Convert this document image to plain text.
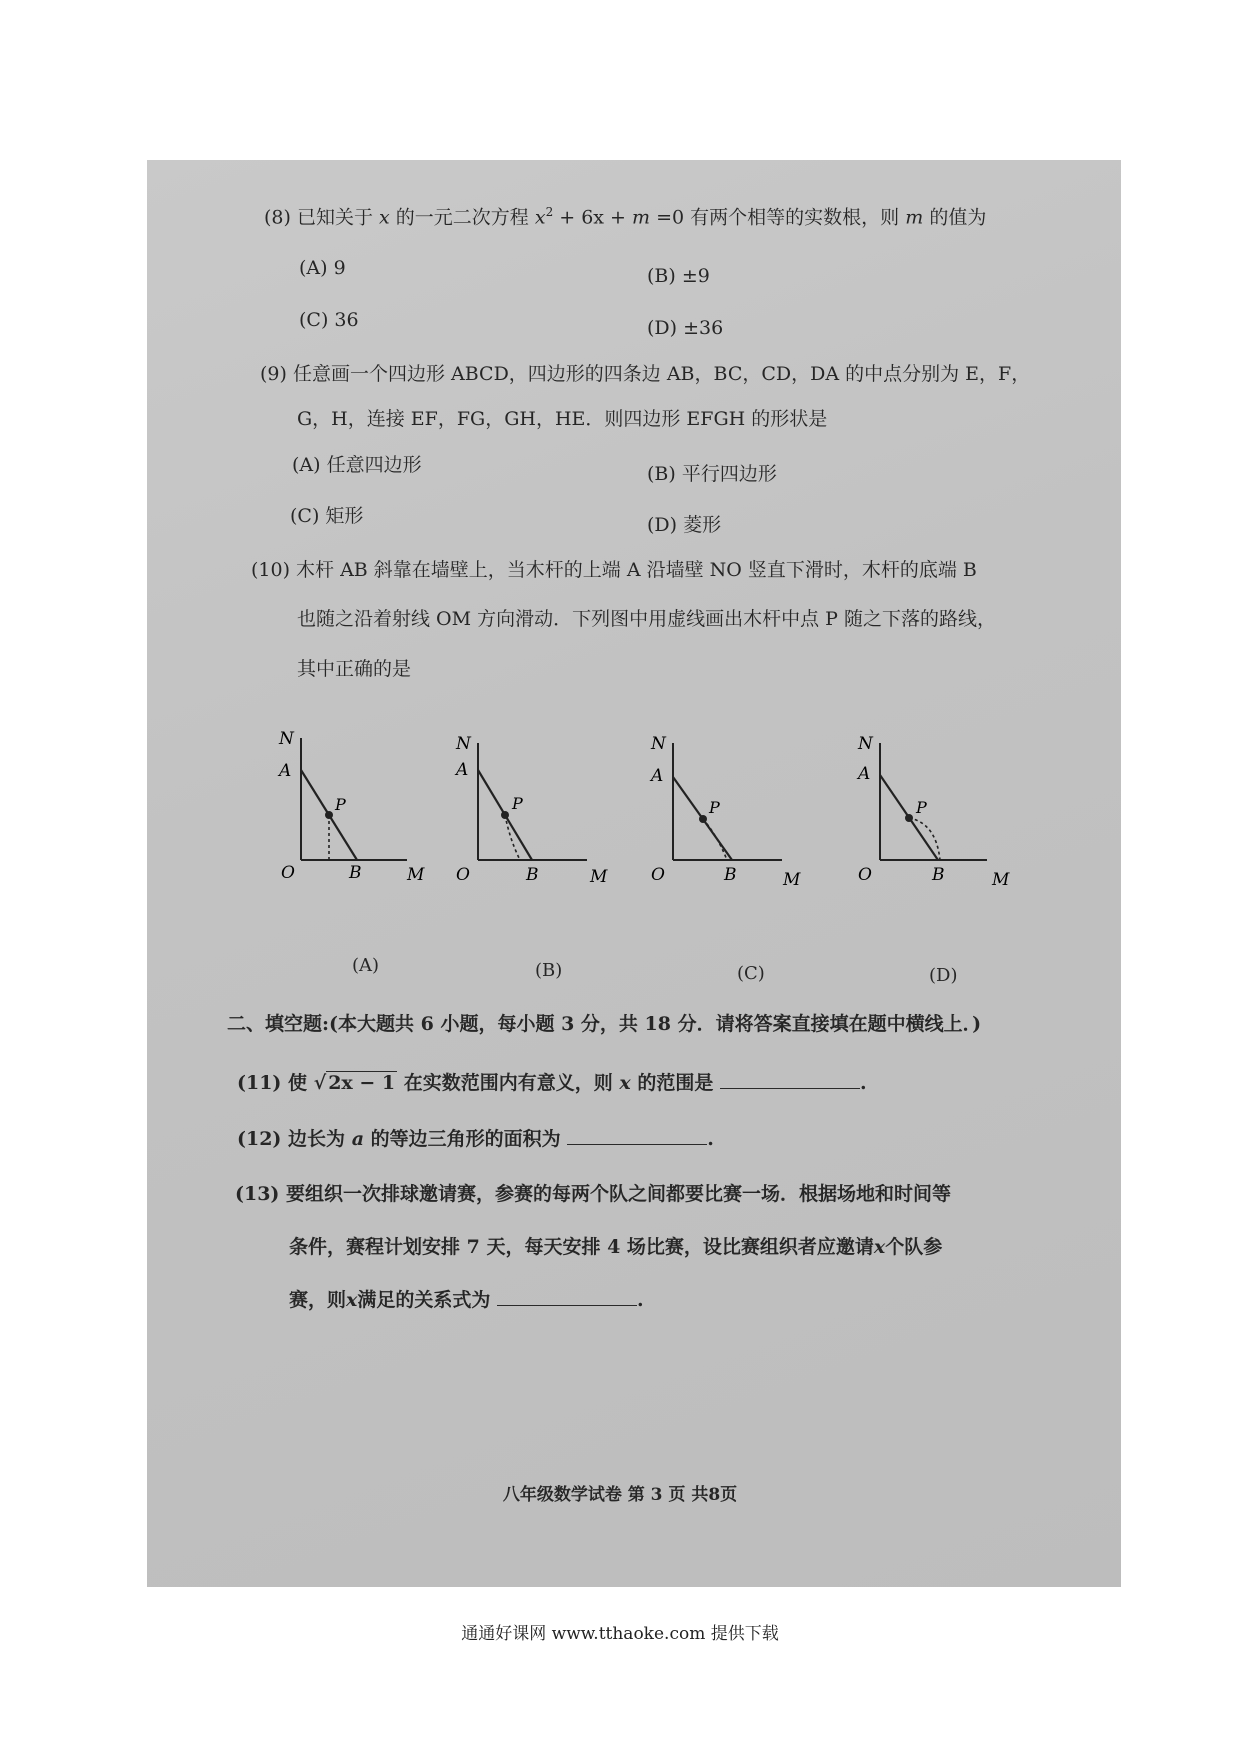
(8) 已知关于 x 的一元二次方程 $x^2 + 6x + m =0$ 有两个相等的实数根，则 m 的值为
(A) 9	(B) ±9
(C) 36	(D) ±36
(9) 任意画一个四边形 ABCD，四边形的四条边 AB，BC，CD，DA 的中点分别为 E，F，
G，H，连接 EF，FG，GH，HE．则四边形 EFGH 的形状是
(A) 任意四边形	(B) 平行四边形
(C) 矩形	(D) 菱形
(10) 木杆 AB 斜靠在墙壁上，当木杆的上端 A 沿墙壁 NO 竖直下滑时，木杆的底端 B
也随之沿着射线 OM 方向滑动．下列图中用虚线画出木杆中点 P 随之下落的路线，
其中正确的是
N
A
P
O	B	M
N
A
P
O	B	M
N
A
P
O	B	M
N
A
P
O	B	M
(A)	(B)	(C)	(D)
二、填空题:(本大题共 6 小题，每小题 3 分，共 18 分．请将答案直接填在题中横线上．)
(11) 使 √ 2x − 1 在实数范围内有意义，则 x 的范围是	.
(12) 边长为 a 的等边三角形的面积为	.
(13) 要组织一次排球邀请赛，参赛的每两个队之间都要比赛一场．根据场地和时间等
条件，赛程计划安排 7 天，每天安排 4 场比赛，设比赛组织者应邀请x个队参
赛，则x满足的关系式为	.
八年级数学试卷 第 3 页 共8页
通通好课网 www.tthaoke.com 提供下载
